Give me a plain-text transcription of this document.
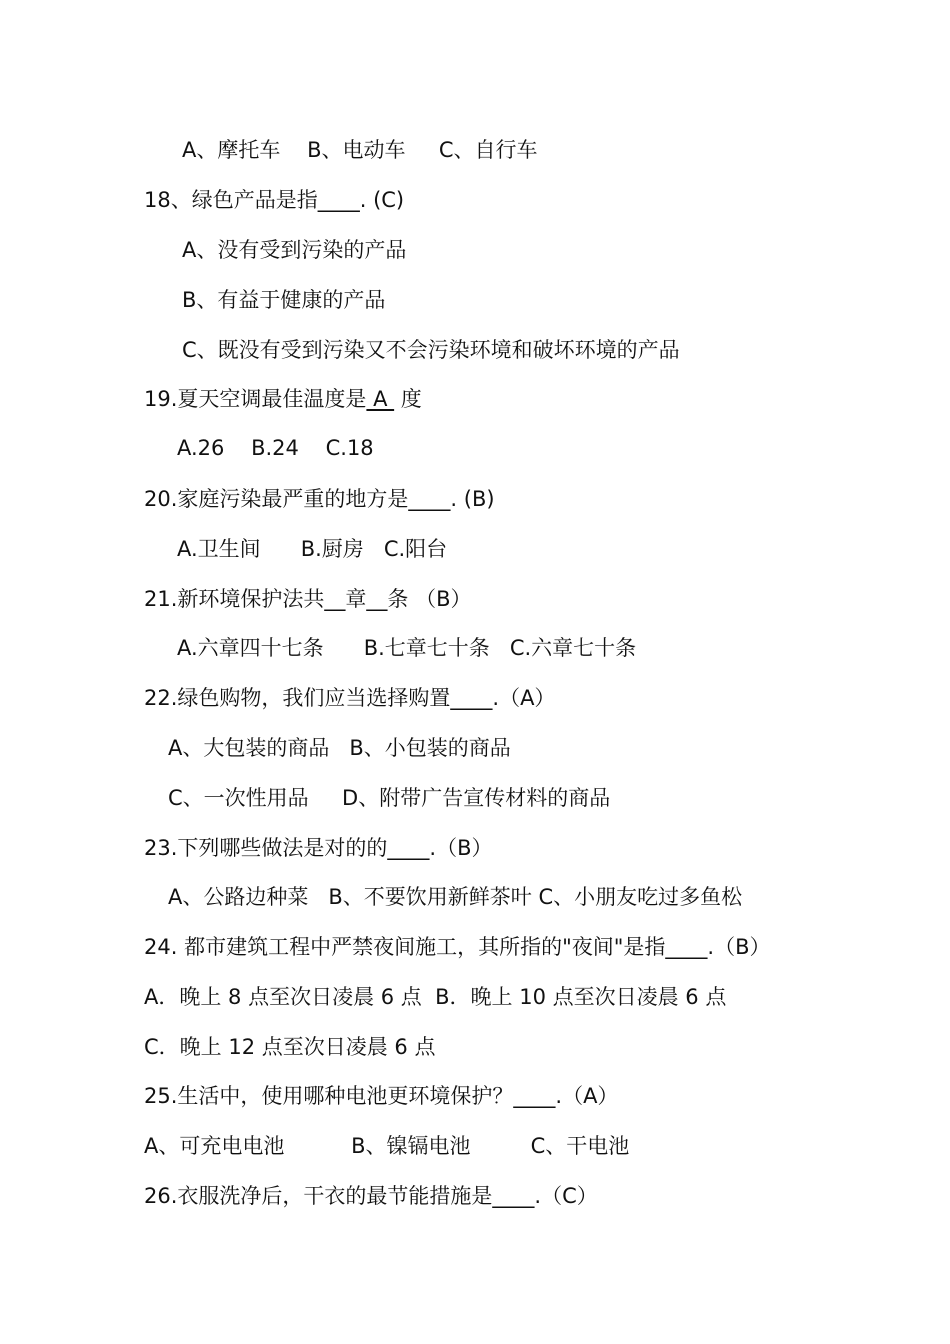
A、摩托车    B、电动车     C、自行车
18、绿色产品是指____. (C)
A、没有受到污染的产品
B、有益于健康的产品
C、既没有受到污染又不会污染环境和破坏环境的产品
19.夏天空调最佳温度是 A  度
A.26    B.24    C.18
20.家庭污染最严重的地方是____. (B)
A.卫生间      B.厨房   C.阳台
21.新环境保护法共__章__条 （B）
A.六章四十七条      B.七章七十条   C.六章七十条
22.绿色购物，我们应当选择购置____.（A）
A、大包装的商品   B、小包装的商品
C、一次性用品     D、附带广告宣传材料的商品
23.下列哪些做法是对的的____.（B）
A、公路边种菜   B、不要饮用新鲜茶叶 C、小朋友吃过多鱼松
24. 都市建筑工程中严禁夜间施工，其所指的"夜间"是指____.（B）
A．晚上 8 点至次日凌晨 6 点  B．晚上 10 点至次日凌晨 6 点
C．晚上 12 点至次日凌晨 6 点
25.生活中，使用哪种电池更环境保护？____.（A）
A、可充电电池          B、镍镉电池         C、干电池
26.衣服洗净后，干衣的最节能措施是____.（C）
